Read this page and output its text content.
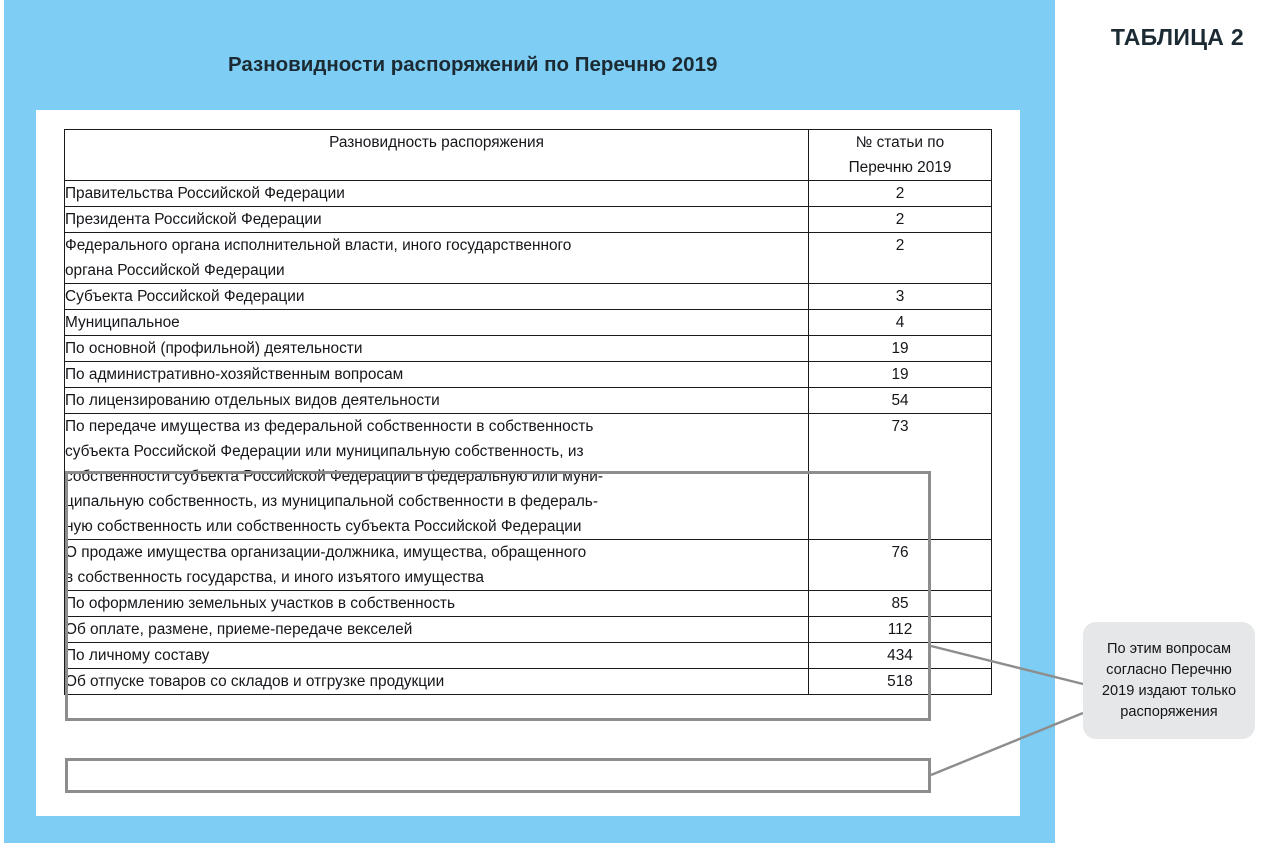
ТАБЛИЦА 2
Разновидности распоряжений по Перечню 2019
Разновидность распоряжения	№ статьи по
Перечню 2019

Правительства Российской Федерации	2

Президента Российской Федерации	2

Федерального органа исполнительной власти, иного государственного
органа Российской Федерации	2

Субъекта Российской Федерации	3

Муниципальное	4

По основной (профильной) деятельности	19

По административно-хозяйственным вопросам	19

По лицензированию отдельных видов деятельности	54

По передаче имущества из федеральной собственности в собственность
субъекта Российской Федерации или муниципальную собственность, из
собственности субъекта Российской Федерации в федеральную или муни-
ципальную собственность, из муниципальной собственности в федераль-
ную собственность или собственность субъекта Российской Федерации	73

О продаже имущества организации-должника, имущества, обращенного
в собственность государства, и иного изъятого имущества	76

По оформлению земельных участков в собственность	85

Об оплате, размене, приеме-передаче векселей	112

По личному составу	434

Об отпуске товаров со складов и отгрузке продукции	518
По этим вопросам
согласно Перечню
2019 издают только
распоряжения
